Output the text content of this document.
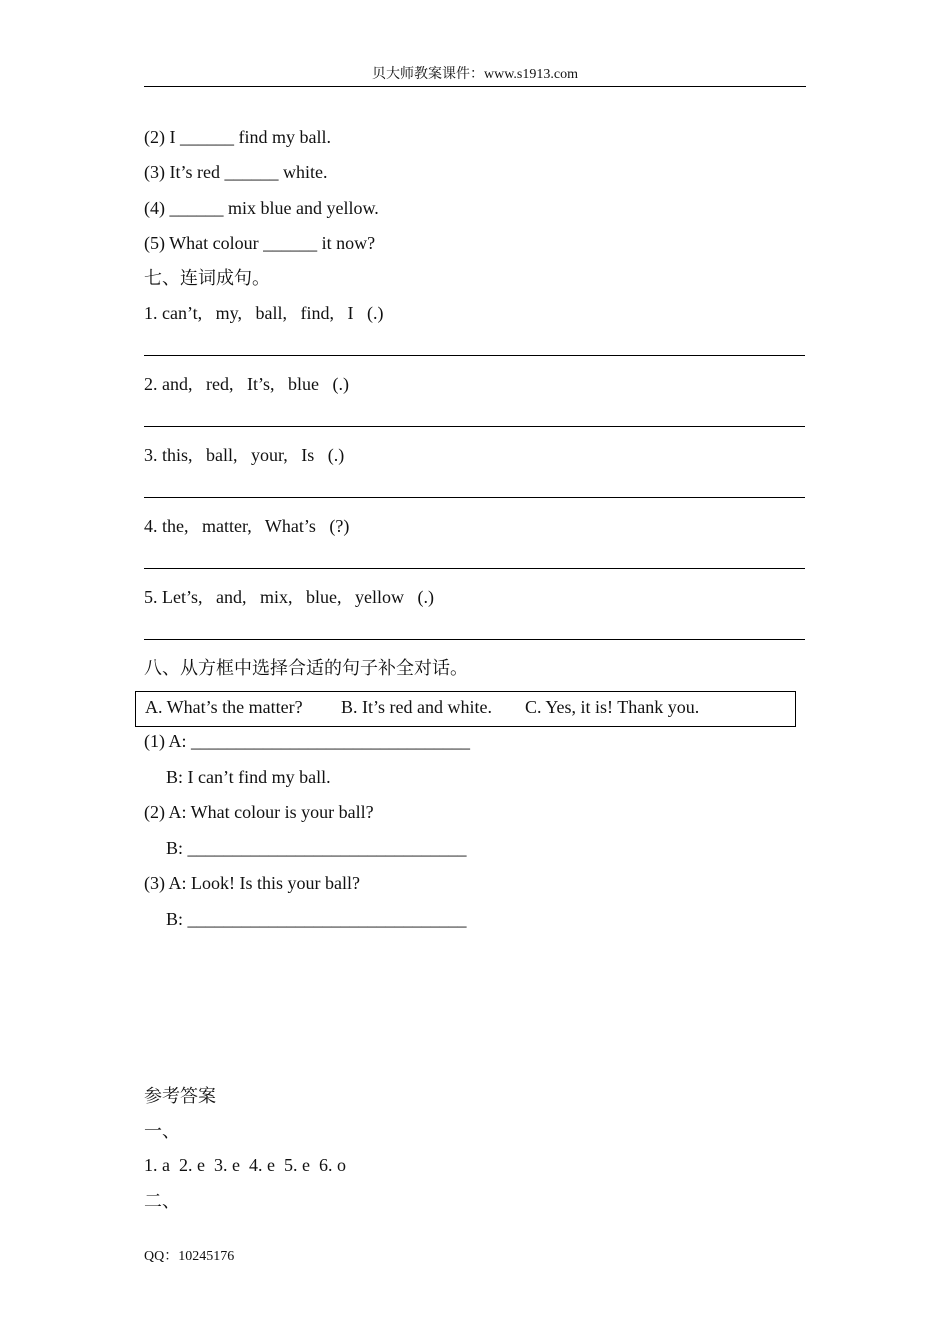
贝大师教案课件：www.s1913.com
(2) I ______ find my ball.
(3) It’s red ______ white.
(4) ______ mix blue and yellow.
(5) What colour ______ it now?
七、连词成句。
1. can’t,   my,   ball,   find,   I   (.)
2. and,   red,   It’s,   blue   (.)
3. this,   ball,   your,   Is   (.)
4. the,   matter,   What’s   (?)
5. Let’s,   and,   mix,   blue,   yellow   (.)
八、从方框中选择合适的句子补全对话。
A. What’s the matter? B. It’s red and white. C. Yes, it is! Thank you.
(1) A: _______________________________
B: I can’t find my ball.
(2) A: What colour is your ball?
B: _______________________________
(3) A: Look! Is this your ball?
B: _______________________________
参考答案
一、
1. a  2. e  3. e  4. e  5. e  6. o
二、
QQ：10245176
